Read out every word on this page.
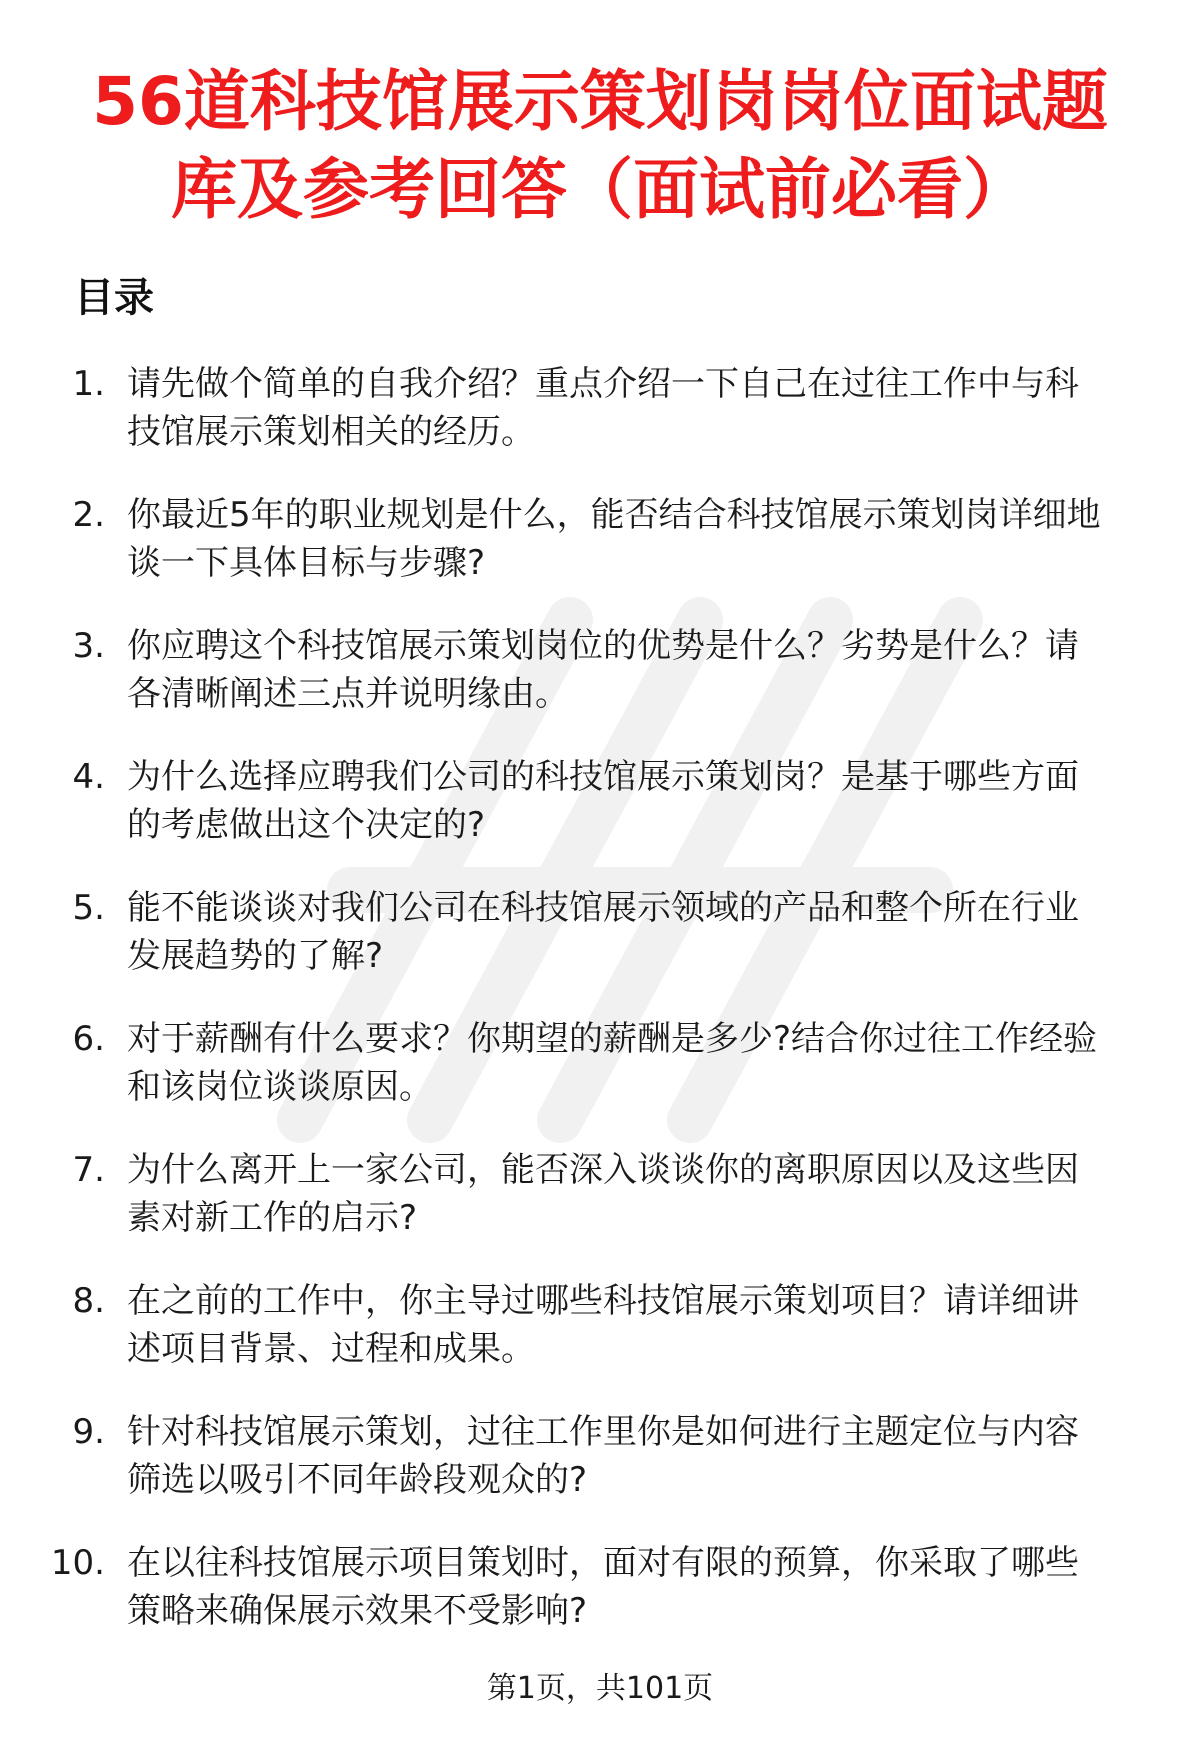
56道科技馆展示策划岗岗位面试题
库及参考回答（面试前必看）
目录
1. 请先做个简单的自我介绍？重点介绍一下自己在过往工作中与科
技馆展示策划相关的经历。
2. 你最近5年的职业规划是什么，能否结合科技馆展示策划岗详细地
谈一下具体目标与步骤?
3. 你应聘这个科技馆展示策划岗位的优势是什么？劣势是什么？请
各清晰阐述三点并说明缘由。
4. 为什么选择应聘我们公司的科技馆展示策划岗？是基于哪些方面
的考虑做出这个决定的?
5. 能不能谈谈对我们公司在科技馆展示领域的产品和整个所在行业
发展趋势的了解?
6. 对于薪酬有什么要求？你期望的薪酬是多少?结合你过往工作经验
和该岗位谈谈原因。
7. 为什么离开上一家公司，能否深入谈谈你的离职原因以及这些因
素对新工作的启示?
8. 在之前的工作中，你主导过哪些科技馆展示策划项目？请详细讲
述项目背景、过程和成果。
9. 针对科技馆展示策划，过往工作里你是如何进行主题定位与内容
筛选以吸引不同年龄段观众的?
10. 在以往科技馆展示项目策划时，面对有限的预算，你采取了哪些
策略来确保展示效果不受影响?
第1页，共101页
